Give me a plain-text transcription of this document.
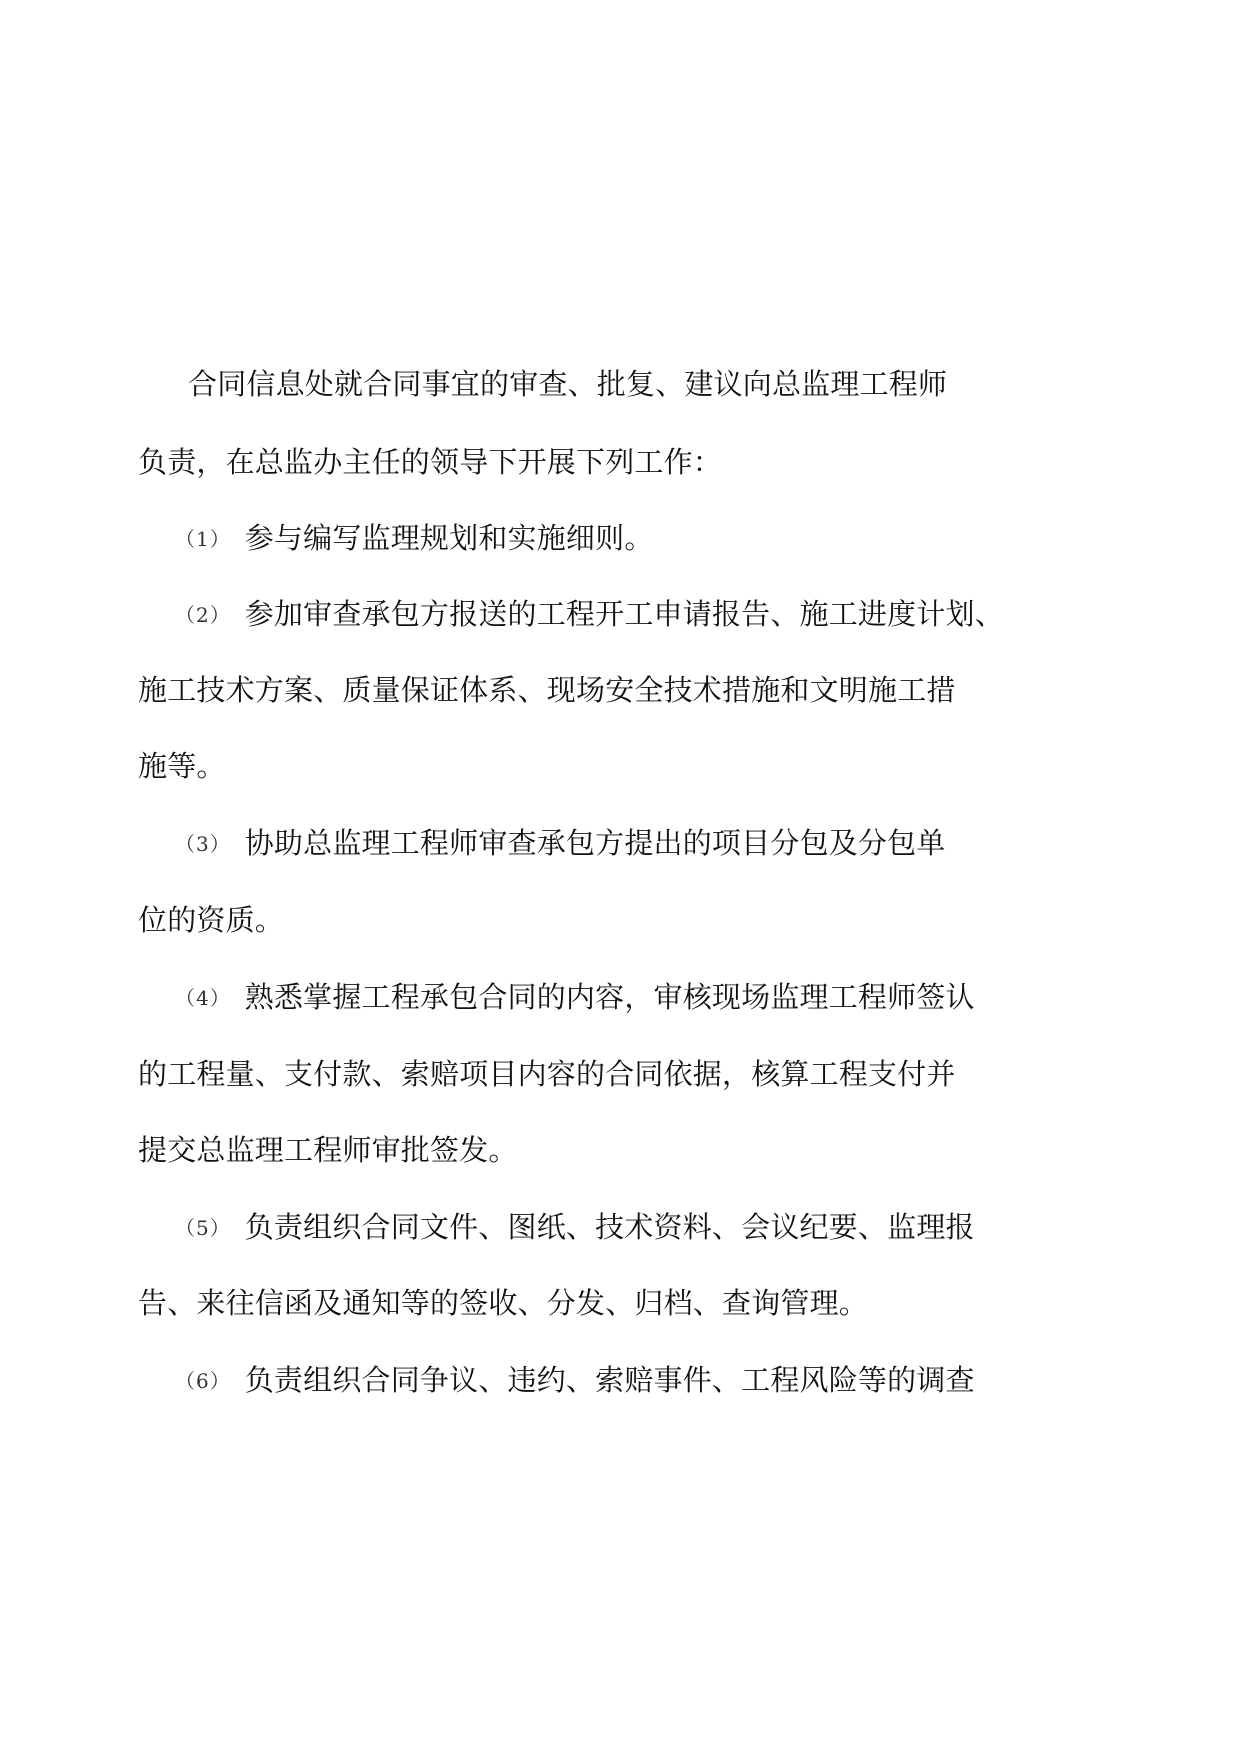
合同信息处就合同事宜的审查、批复、建议向总监理工程师
负责，在总监办主任的领导下开展下列工作：
（1） 参与编写监理规划和实施细则。
（2） 参加审查承包方报送的工程开工申请报告、施工进度计划、
施工技术方案、质量保证体系、现场安全技术措施和文明施工措
施等。
（3） 协助总监理工程师审查承包方提出的项目分包及分包单
位的资质。
（4） 熟悉掌握工程承包合同的内容，审核现场监理工程师签认
的工程量、支付款、索赔项目内容的合同依据，核算工程支付并
提交总监理工程师审批签发。
（5） 负责组织合同文件、图纸、技术资料、会议纪要、监理报
告、来往信函及通知等的签收、分发、归档、查询管理。
（6） 负责组织合同争议、违约、索赔事件、工程风险等的调查
